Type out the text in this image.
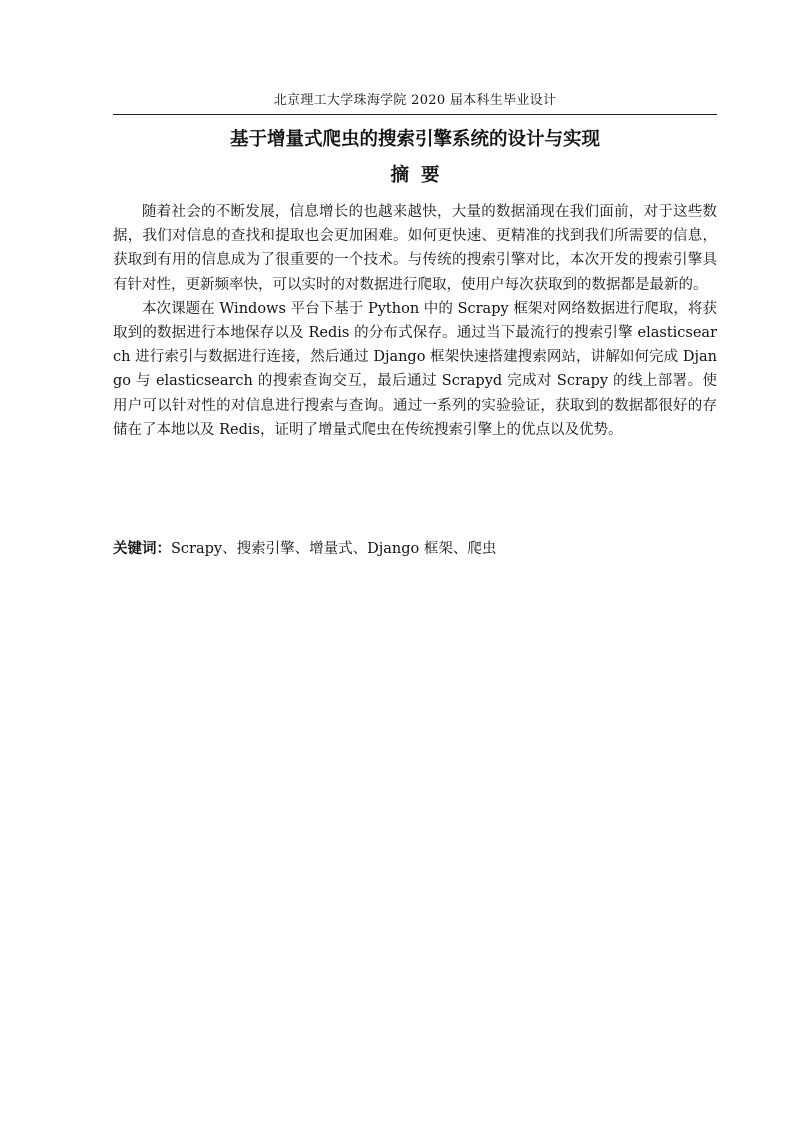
北京理工大学珠海学院 2020 届本科生毕业设计
基于增量式爬虫的搜索引擎系统的设计与实现
摘要

随着社会的不断发展，信息增长的也越来越快，大量的数据涌现在我们面前，对于这些数据，我们对信息的查找和提取也会更加困难。如何更快速、更精准的找到我们所需要的信息，获取到有用的信息成为了很重要的一个技术。与传统的搜索引擎对比，本次开发的搜索引擎具有针对性，更新频率快，可以实时的对数据进行爬取，使用户每次获取到的数据都是最新的。

本次课题在 Windows 平台下基于 Python 中的 Scrapy 框架对网络数据进行爬取，将获取到的数据进行本地保存以及 Redis 的分布式保存。通过当下最流行的搜索引擎 elasticsearch 进行索引与数据进行连接，然后通过 Django 框架快速搭建搜索网站，讲解如何完成 Django 与 elasticsearch 的搜索查询交互，最后通过 Scrapyd 完成对 Scrapy 的线上部署。使用户可以针对性的对信息进行搜索与查询。通过一系列的实验验证，获取到的数据都很好的存储在了本地以及 Redis，证明了增量式爬虫在传统搜索引擎上的优点以及优势。

关键词：Scrapy、搜索引擎、增量式、Django 框架、爬虫
